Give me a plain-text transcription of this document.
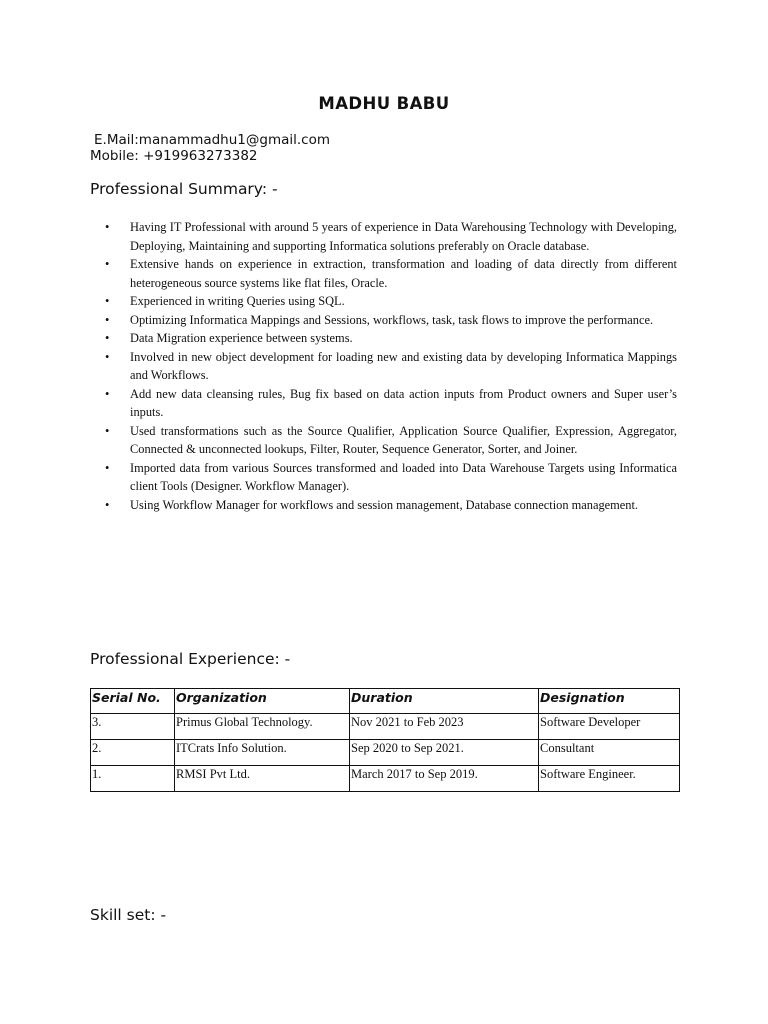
MADHU BABU
E.Mail:manammadhu1@gmail.com
Mobile: +919963273382
Professional Summary: -
• Having IT Professional with around 5 years of experience in Data Warehousing Technology with Developing, Deploying, Maintaining and supporting Informatica solutions preferably on Oracle database.
• Extensive hands on experience in extraction, transformation and loading of data directly from different heterogeneous source systems like flat files, Oracle.
• Experienced in writing Queries using SQL.
• Optimizing Informatica Mappings and Sessions, workflows, task, task flows to improve the performance.
• Data Migration experience between systems.
• Involved in new object development for loading new and existing data by developing Informatica Mappings and Workflows.
• Add new data cleansing rules, Bug fix based on data action inputs from Product owners and Super user’s inputs.
• Used transformations such as the Source Qualifier, Application Source Qualifier, Expression, Aggregator, Connected & unconnected lookups, Filter, Router, Sequence Generator, Sorter, and Joiner.
• Imported data from various Sources transformed and loaded into Data Warehouse Targets using Informatica client Tools (Designer. Workflow Manager).
• Using Workflow Manager for workflows and session management, Database connection management.
Professional Experience: -
Serial No.	Organization	Duration	Designation
3.	Primus Global Technology.	Nov 2021 to Feb 2023	Software Developer
2.	ITCrats Info Solution.	Sep 2020 to Sep 2021.	Consultant
1.	RMSI Pvt Ltd.	March 2017 to Sep 2019.	Software Engineer.
Skill set: -
